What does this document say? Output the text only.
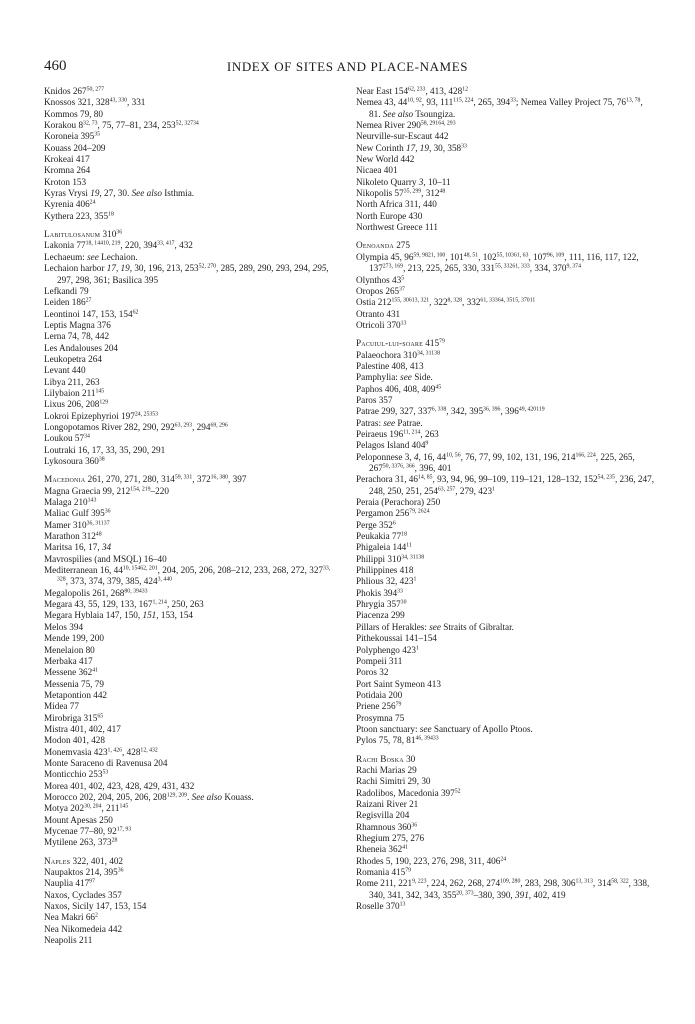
460	INDEX OF SITES AND PLACE-NAMES
Knidos 267$^{50, 277}$
Knossos 321, 328$^{43, 330}$, 331
Kommos 79, 80
Korakou 8$^{32, 73}$, 75, 77–81, 234, $253^{52, 32734}$
Koroneia $395^{35}$
Kouass 204–209
Krokeai 417
Kromna 264
Kroton 153
Kyras Vrysi 19, 27, 30. See also Isthmia.
Kyrenia $406^{24}$
Kythera 223, $355^{18}$
Labitulosanum $310^{36}$
Lakonia $77^{18, 14410, 219}$, 220, 394$^{33, 417}$, 432
Lechaeum: see Lechaion.
Lechaion harbor 17, 19, 30, 196, 213, 253$^{52, 270}$, 285, 289, 290, 293, 294, 295, 297, 298, 361; Basilica 395
Lefkandi 79
Leiden $186^{27}$
Leontinoi 147, 153, $154^{62}$
Leptis Magna 376
Lerna 74, 78, 442
Les Andalouses 204
Leukopetra 264
Levant 440
Libya 211, 263
Lilybaion $211^{145}$
Lixus 206, $208^{129}$
Lokroi Epizephyrioi $197^{24, 25353}$
Longopotamos River 282, 290, 292$^{63, 293}$, 294$^{69, 296}$
Loukou $57^{34}$
Loutraki 16, 17, 33, 35, 290, 291
Lykosoura $360^{38}$
Macedonia 261, 270, 271, 280, 314$^{59, 331}$, 372$^{16, 380}$, 397
Magna Graecia 99, 212$^{154, 219}$–220
Malaga $210^{143}$
Maliac Gulf $395^{36}$
Mamer $310^{36, 31137}$
Marathon $312^{48}$
Maritsa 16, 17, 34
Mavrospilies (and MSQL) 16–40
Mediterranean 16, $44^{10, 15462, 201}$, 204, 205, 206, 208–212, 233, 268, 272, 327$^{33, 328}$, 373, 374, 379, 385, 424$^{3, 440}$
Megalopolis 261, $268^{80, 39433}$
Megara 43, 55, 129, 133, 167$^{1, 214}$, 250, 263
Megara Hyblaia 147, 150, 151, 153, 154
Melos 394
Mende 199, 200
Menelaion 80
Merbaka 417
Messene $362^{41}$
Messenia 75, 79
Metapontion 442
Midea 77
Mirobriga $315^{65}$
Mistra 401, 402, 417
Modon 401, 428
Monemvasia 423$^{1, 426}$, 428$^{12, 432}$
Monte Saraceno di Ravenusa 204
Monticchio $253^{53}$
Morea 401, 402, 423, 428, 429, 431, 432
Morocco 202, 204, 205, 206, 208$^{129, 209}$. See also Kouass.
Motya 202$^{30, 204}$, $211^{145}$
Mount Apesas 250
Mycenae 77–80, 92$^{17, 93}$
Mytilene 263, $373^{28}$
Naples 322, 401, 402
Naupaktos 214, $395^{36}$
Nauplia $417^{97}$
Naxos, Cyclades 357
Naxos, Sicily 147, 153, 154
Nea Makri $66^2$
Nea Nikomedeia 442
Neapolis 211
Near East 154$^{62, 233}$, 413, $428^{12}$
Nemea 43, 44$^{10, 92}$, 93, 111$^{115, 224}$, 265, $394^{33}$; Nemea Valley Project 75, 76$^{13, 78}$, 81. See also Tsoungiza.
Nemea River $290^{58, 29164, 293}$
Neurville-sur-Escaut 442
New Corinth 17, 19, 30, $358^{33}$
New World 442
Nicaea 401
Nikoleto Quarry 3, 10–11
Nikopolis 57$^{35, 299}$, $312^{48}$
North Africa 311, 440
North Europe 430
Northwest Greece 111
Oenoanda 275
Olympia 45, $96^{59, 9821, 100}$, 101$^{48, 51}$, $102^{55, 10361, 63}$, 107$^{96, 109}$, 111, 116, 117, 122, 137$^{273, 169}$, 213, 225, 265, 330, $331^{55, 33261, 333}$, 334, 370$^{9, 374}$
Olynthos $43^5$
Oropos $265^{37}$
Ostia $212^{155, 30613, 321}$, 322$^{8, 328}$, $332^{61, 33364, 3515, 37011}$
Otranto 431
Otricoli $370^{13}$
Pacuiul-lui-soare $415^{79}$
Palaeochora $310^{34, 31138}$
Palestine 408, 413
Pamphylia: see Side.
Paphos 406, 408, $409^{45}$
Paros 357
Patrae 299, 327, 337$^{6, 338}$, 342, 395$^{36, 396}$, $396^{49, 420119}$
Patras: see Patrae.
Peiraeus 196$^{11, 214}$, 263
Pelagos Island $404^9$
Peloponnese 3, 4, 16, 44$^{10, 56}$, 76, 77, 99, 102, 131, 196, 214$^{166, 224}$, 225, 265, $267^{50, 3376, 366}$, 396, 401
Perachora 31, 46$^{14, 85}$, 93, 94, 96, 99–109, 119–121, 128–132, 152$^{54, 235}$, 236, 247, 248, 250, 251, 254$^{63, 257}$, 279, $423^1$
Peraia (Perachora) 250
Pergamon $256^{79, 2624}$
Perge $352^6$
Peukakia $77^{18}$
Phigaleia $144^{11}$
Philippi $310^{34, 31138}$
Philippines 418
Phlious 32, $423^1$
Phokis $394^{33}$
Phrygia $357^{30}$
Piacenza 299
Pillars of Herakles: see Straits of Gibraltar.
Pithekoussai 141–154
Polyphengo $423^1$
Pompeii 311
Poros 32
Port Saint Symeon 413
Potidaia 200
Priene $256^{79}$
Prosymna 75
Ptoon sanctuary: see Sanctuary of Apollo Ptoos.
Pylos 75, 78, $81^{46, 39433}$
Rachi Boska 30
Rachi Marias 29
Rachi Simitri 29, 30
Radolibos, Macedonia $397^{52}$
Raizani River 21
Regisvilla 204
Rhamnous $360^{36}$
Rhegium 275, 276
Rheneia $362^{41}$
Rhodes 5, 190, 223, 276, 298, 311, $406^{24}$
Romania $415^{79}$
Rome 211, 221$^{9, 223}$, 224, 262, 268, 274$^{109, 280}$, 283, 298, 306$^{13, 313}$, 314$^{58, 322}$, 338, 340, 341, 342, 343, 355$^{20, 373}$–380, 390, 391, 402, 419
Roselle $370^{13}$
